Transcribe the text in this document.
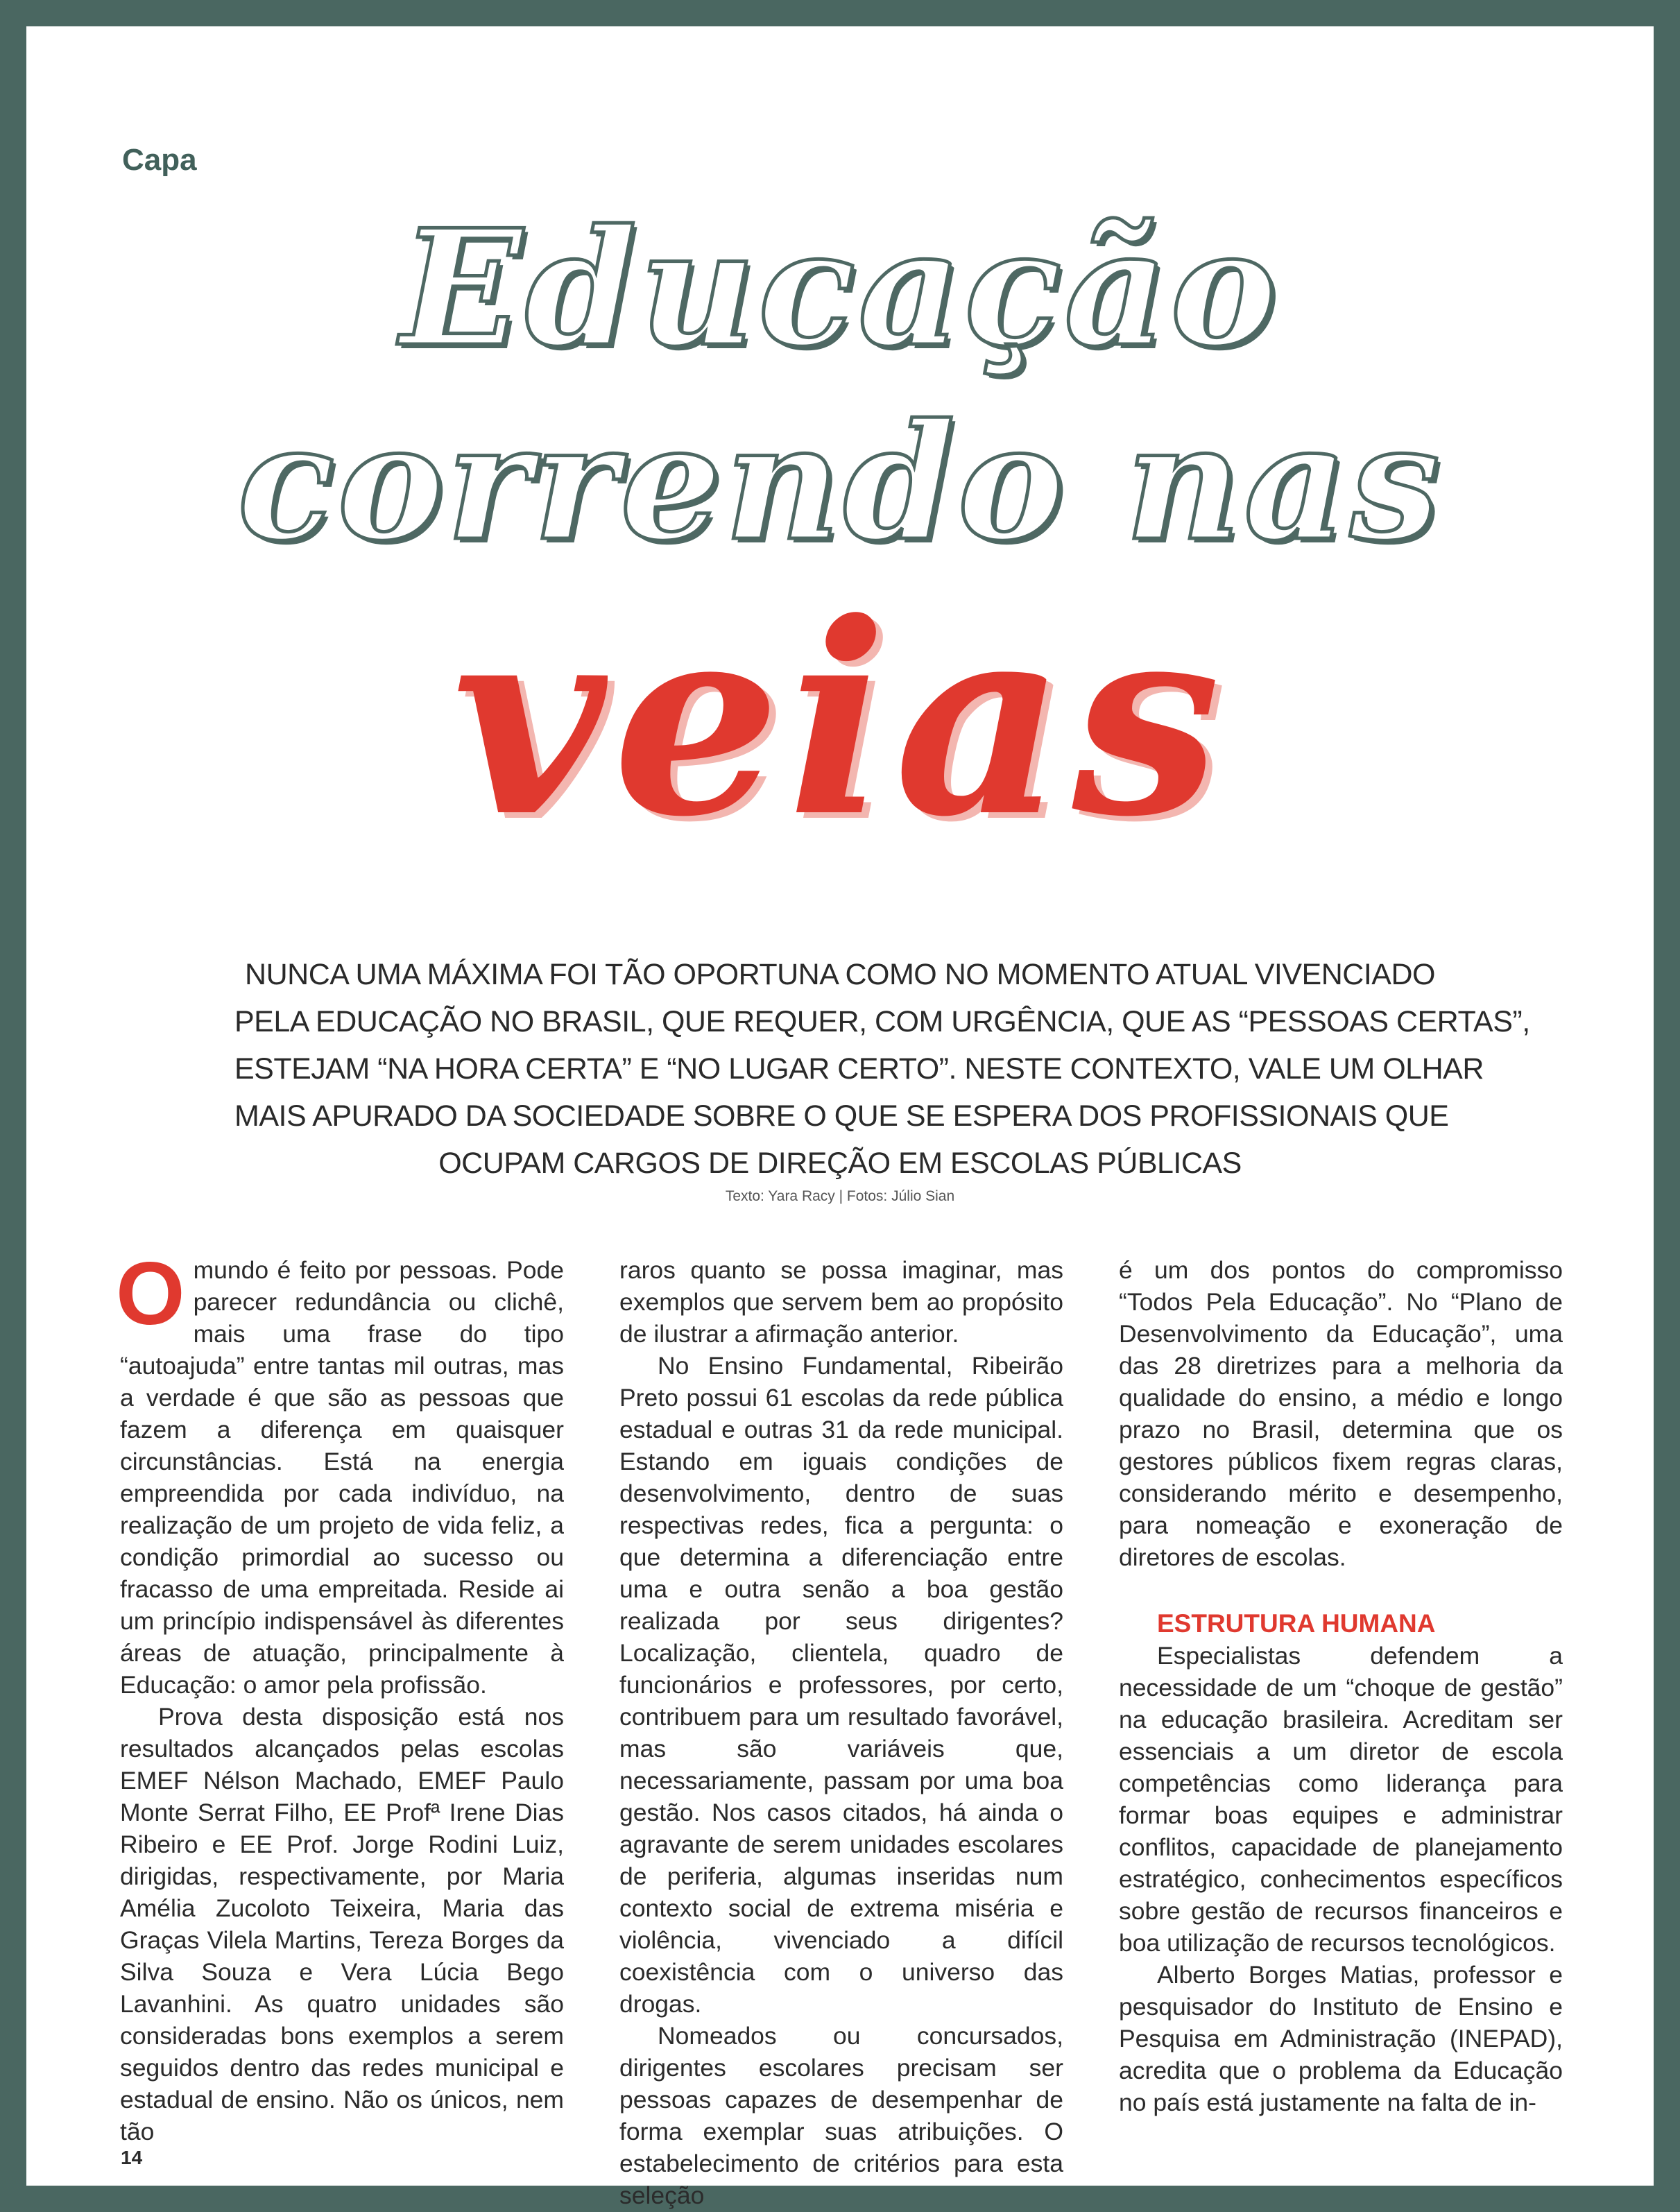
Capa
Educação
correndo nas
veias
NUNCA UMA MÁXIMA FOI TÃO OPORTUNA COMO NO MOMENTO ATUAL VIVENCIADO
PELA EDUCAÇÃO NO BRASIL, QUE REQUER, COM URGÊNCIA, QUE AS “PESSOAS CERTAS”,
ESTEJAM “NA HORA CERTA” E “NO LUGAR CERTO”. NESTE CONTEXTO, VALE UM OLHAR
MAIS APURADO DA SOCIEDADE SOBRE O QUE SE ESPERA DOS PROFISSIONAIS QUE
OCUPAM CARGOS DE DIREÇÃO EM ESCOLAS PÚBLICAS
Texto: Yara Racy | Fotos: Júlio Sian

Omundo é feito por pessoas. Pode parecer redundância ou clichê, mais uma frase do tipo “autoajuda” entre tantas mil outras, mas a verdade é que são as pessoas que fazem a diferença em quaisquer circunstâncias. Está na energia empreendida por cada indivíduo, na realização de um projeto de vida feliz, a condição primordial ao sucesso ou fracasso de uma empreitada. Reside ai um princípio indispensável às diferentes áreas de atuação, principalmente à Educação: o amor pela profissão.

Prova desta disposição está nos resultados alcançados pelas escolas EMEF Nélson Machado, EMEF Paulo Monte Serrat Filho, EE Profª Irene Dias Ribeiro e EE Prof. Jorge Rodini Luiz, dirigidas, respectivamente, por Maria Amélia Zucoloto Teixeira, Maria das Graças Vilela Martins, Tereza Borges da Silva Souza e Vera Lúcia Bego Lavanhini. As quatro unidades são consideradas bons exemplos a serem seguidos dentro das redes municipal e estadual de ensino. Não os únicos, nem tão

raros quanto se possa imaginar, mas exemplos que servem bem ao propósito de ilustrar a afirmação anterior.

No Ensino Fundamental, Ribeirão Preto possui 61 escolas da rede pública estadual e outras 31 da rede municipal. Estando em iguais condições de desenvolvimento, dentro de suas respectivas redes, fica a pergunta: o que determina a diferenciação entre uma e outra senão a boa gestão realizada por seus dirigentes? Localização, clientela, quadro de funcionários e professores, por certo, contribuem para um resultado favorável, mas são variáveis que, necessariamente, passam por uma boa gestão. Nos casos citados, há ainda o agravante de serem unidades escolares de periferia, algumas inseridas num contexto social de extrema miséria e violência, vivenciado a difícil coexistência com o universo das drogas.

Nomeados ou concursados, dirigentes escolares precisam ser pessoas capazes de desempenhar de forma exemplar suas atribuições. O estabelecimento de critérios para esta seleção

é um dos pontos do compromisso “Todos Pela Educação”. No “Plano de Desenvolvimento da Educação”, uma das 28 diretrizes para a melhoria da qualidade do ensino, a médio e longo prazo no Brasil, determina que os gestores públicos fixem regras claras, considerando mérito e desempenho, para nomeação e exoneração de diretores de escolas.

ESTRUTURA HUMANA

Especialistas defendem a necessidade de um “choque de gestão” na educação brasileira. Acreditam ser essenciais a um diretor de escola competências como liderança para formar boas equipes e administrar conflitos, capacidade de planejamento estratégico, conhecimentos específicos sobre gestão de recursos financeiros e boa utilização de recursos tecnológicos.

Alberto Borges Matias, professor e pesquisador do Instituto de Ensino e Pesquisa em Administração (INEPAD), acredita que o problema da Educação no país está justamente na falta de in-

14
